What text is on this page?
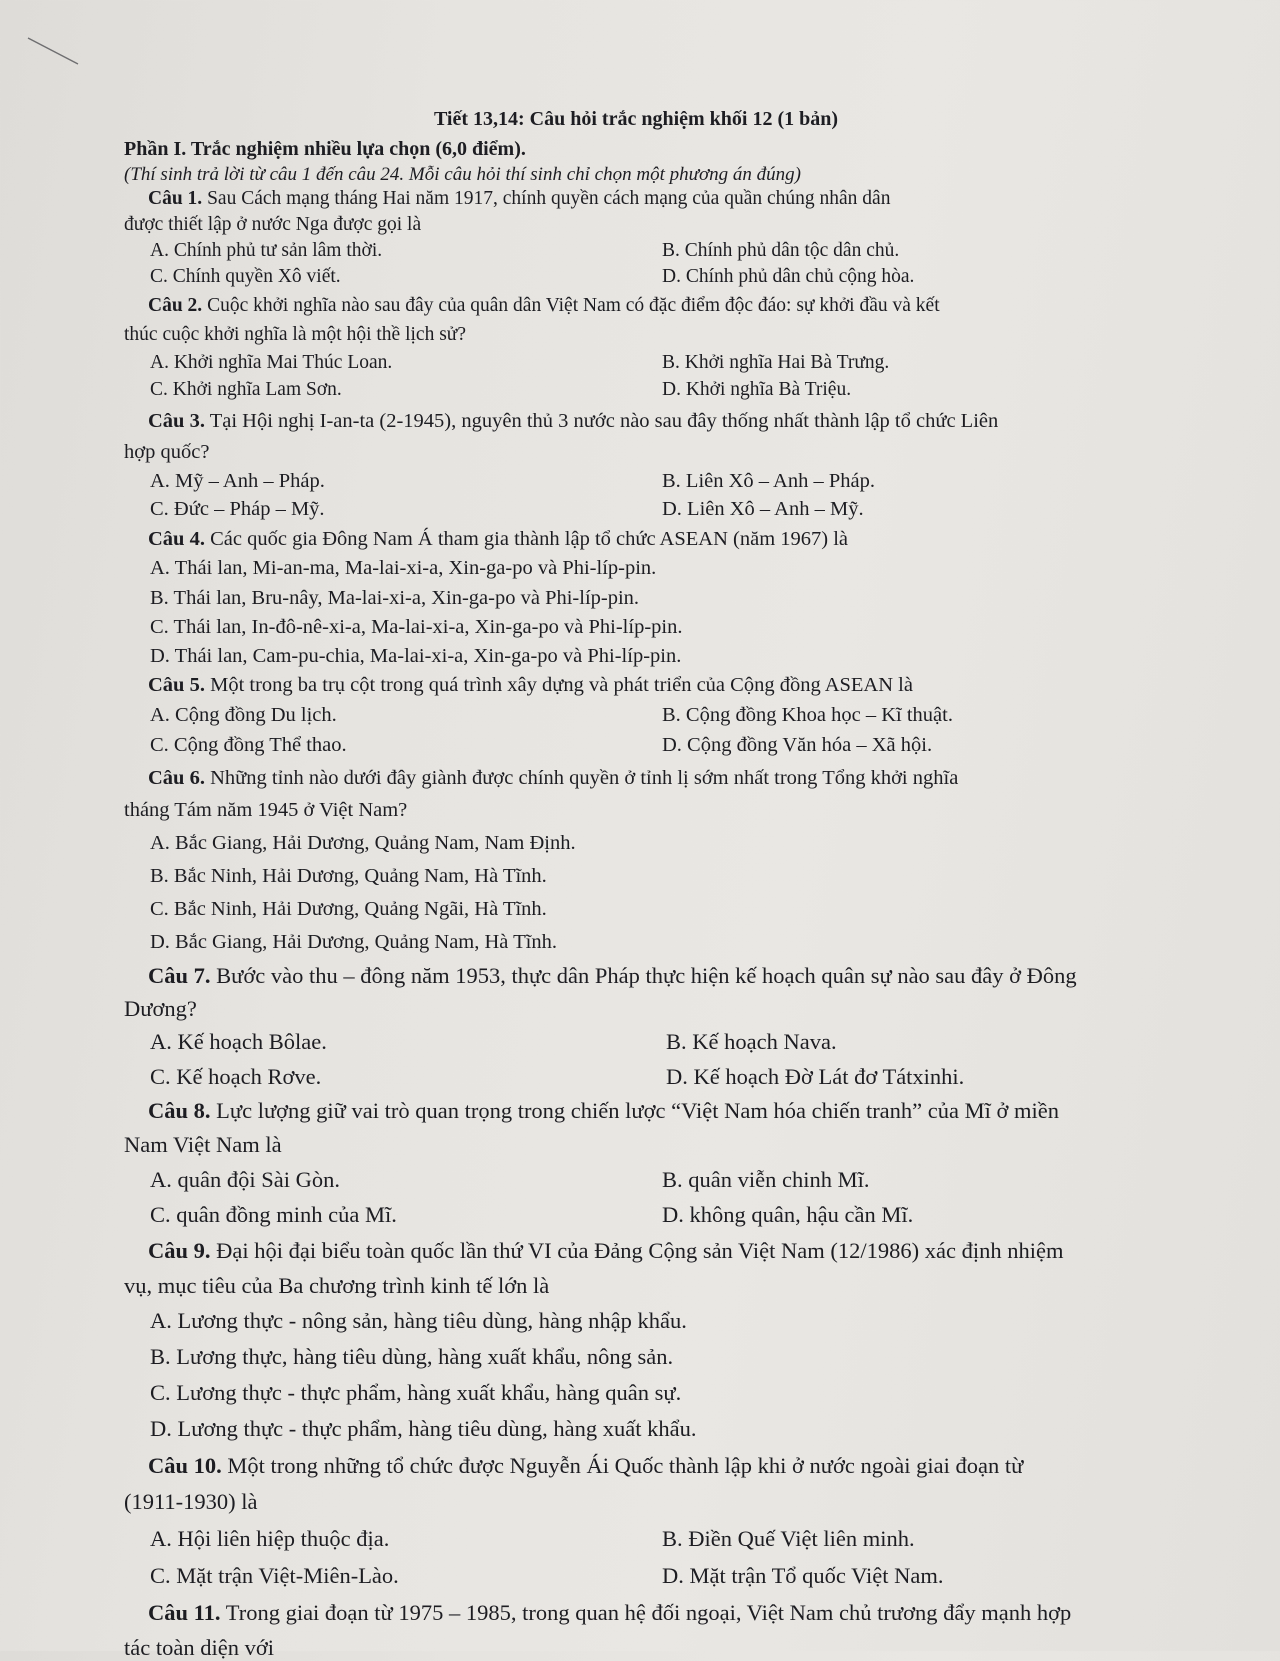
Tiết 13,14: Câu hỏi trắc nghiệm khối 12 (1 bản)
Phần I. Trắc nghiệm nhiều lựa chọn (6,0 điểm).
(Thí sinh trả lời từ câu 1 đến câu 24. Mỗi câu hỏi thí sinh chỉ chọn một phương án đúng)
Câu 1. Sau Cách mạng tháng Hai năm 1917, chính quyền cách mạng của quần chúng nhân dân
được thiết lập ở nước Nga được gọi là
A. Chính phủ tư sản lâm thời.	B. Chính phủ dân tộc dân chủ.
C. Chính quyền Xô viết.	D. Chính phủ dân chủ cộng hòa.
Câu 2. Cuộc khởi nghĩa nào sau đây của quân dân Việt Nam có đặc điểm độc đáo: sự khởi đầu và kết
thúc cuộc khởi nghĩa là một hội thề lịch sử?
A. Khởi nghĩa Mai Thúc Loan.	B. Khởi nghĩa Hai Bà Trưng.
C. Khởi nghĩa Lam Sơn.	D. Khởi nghĩa Bà Triệu.
Câu 3. Tại Hội nghị I-an-ta (2-1945), nguyên thủ 3 nước nào sau đây thống nhất thành lập tổ chức Liên
hợp quốc?
A. Mỹ – Anh – Pháp.	B. Liên Xô – Anh – Pháp.
C. Đức – Pháp – Mỹ.	D. Liên Xô – Anh – Mỹ.
Câu 4. Các quốc gia Đông Nam Á tham gia thành lập tổ chức ASEAN (năm 1967) là
A. Thái lan, Mi-an-ma, Ma-lai-xi-a, Xin-ga-po và Phi-líp-pin.
B. Thái lan, Bru-nây, Ma-lai-xi-a, Xin-ga-po và Phi-líp-pin.
C. Thái lan, In-đô-nê-xi-a, Ma-lai-xi-a, Xin-ga-po và Phi-líp-pin.
D. Thái lan, Cam-pu-chia, Ma-lai-xi-a, Xin-ga-po và Phi-líp-pin.
Câu 5. Một trong ba trụ cột trong quá trình xây dựng và phát triển của Cộng đồng ASEAN là
A. Cộng đồng Du lịch.	B. Cộng đồng Khoa học – Kĩ thuật.
C. Cộng đồng Thể thao.	D. Cộng đồng Văn hóa – Xã hội.
Câu 6. Những tỉnh nào dưới đây giành được chính quyền ở tỉnh lị sớm nhất trong Tổng khởi nghĩa
tháng Tám năm 1945 ở Việt Nam?
A. Bắc Giang, Hải Dương, Quảng Nam, Nam Định.
B. Bắc Ninh, Hải Dương, Quảng Nam, Hà Tĩnh.
C. Bắc Ninh, Hải Dương, Quảng Ngãi, Hà Tĩnh.
D. Bắc Giang, Hải Dương, Quảng Nam, Hà Tĩnh.
Câu 7. Bước vào thu – đông năm 1953, thực dân Pháp thực hiện kế hoạch quân sự nào sau đây ở Đông
Dương?
A. Kế hoạch Bôlae.	B. Kế hoạch Nava.
C. Kế hoạch Rơve.	D. Kế hoạch Đờ Lát đơ Tátxinhi.
Câu 8. Lực lượng giữ vai trò quan trọng trong chiến lược “Việt Nam hóa chiến tranh” của Mĩ ở miền
Nam Việt Nam là
A. quân đội Sài Gòn.	B. quân viễn chinh Mĩ.
C. quân đồng minh của Mĩ.	D. không quân, hậu cần Mĩ.
Câu 9. Đại hội đại biểu toàn quốc lần thứ VI của Đảng Cộng sản Việt Nam (12/1986) xác định nhiệm
vụ, mục tiêu của Ba chương trình kinh tế lớn là
A. Lương thực - nông sản, hàng tiêu dùng, hàng nhập khẩu.
B. Lương thực, hàng tiêu dùng, hàng xuất khẩu, nông sản.
C. Lương thực - thực phẩm, hàng xuất khẩu, hàng quân sự.
D. Lương thực - thực phẩm, hàng tiêu dùng, hàng xuất khẩu.
Câu 10. Một trong những tổ chức được Nguyễn Ái Quốc thành lập khi ở nước ngoài giai đoạn từ
(1911-1930) là
A. Hội liên hiệp thuộc địa.	B. Điền Quế Việt liên minh.
C. Mặt trận Việt-Miên-Lào.	D. Mặt trận Tổ quốc Việt Nam.
Câu 11. Trong giai đoạn từ 1975 – 1985, trong quan hệ đối ngoại, Việt Nam chủ trương đẩy mạnh hợp
tác toàn diện với
